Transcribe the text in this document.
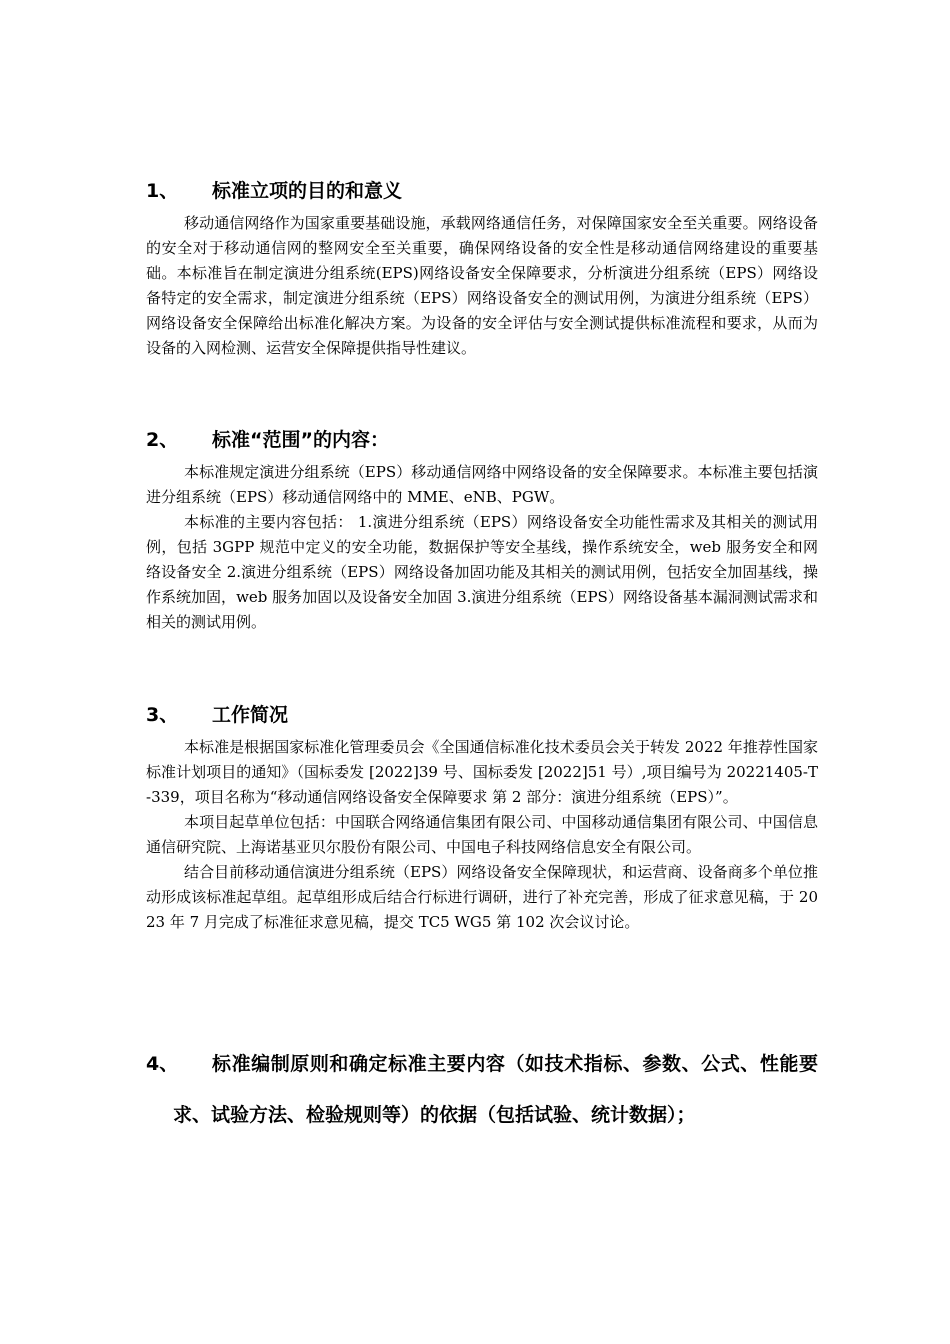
1、 标准立项的目的和意义

移动通信网络作为国家重要基础设施，承载网络通信任务，对保障国家安全至关重要。网络设备的安全对于移动通信网的整网安全至关重要，确保网络设备的安全性是移动通信网络建设的重要基础。本标准旨在制定演进分组系统(EPS)网络设备安全保障要求，分析演进分组系统（EPS）网络设备特定的安全需求，制定演进分组系统（EPS）网络设备安全的测试用例，为演进分组系统（EPS）网络设备安全保障给出标准化解决方案。为设备的安全评估与安全测试提供标准流程和要求，从而为设备的入网检测、运营安全保障提供指导性建议。

2、 标准“范围”的内容：

本标准规定演进分组系统（EPS）移动通信网络中网络设备的安全保障要求。本标准主要包括演进分组系统（EPS）移动通信网络中的 MME、eNB、PGW。

本标准的主要内容包括： 1.演进分组系统（EPS）网络设备安全功能性需求及其相关的测试用例，包括 3GPP 规范中定义的安全功能，数据保护等安全基线，操作系统安全，web 服务安全和网络设备安全 2.演进分组系统（EPS）网络设备加固功能及其相关的测试用例，包括安全加固基线，操作系统加固，web 服务加固以及设备安全加固 3.演进分组系统（EPS）网络设备基本漏洞测试需求和相关的测试用例。

3、 工作简况

本标准是根据国家标准化管理委员会《全国通信标准化技术委员会关于转发 2022 年推荐性国家标准计划项目的通知》（国标委发 [2022]39 号、国标委发 [2022]51 号）,项目编号为 20221405-T-339，项目名称为“移动通信网络设备安全保障要求 第 2 部分：演进分组系统（EPS）”。

本项目起草单位包括：中国联合网络通信集团有限公司、中国移动通信集团有限公司、中国信息通信研究院、上海诺基亚贝尔股份有限公司、中国电子科技网络信息安全有限公司。

结合目前移动通信演进分组系统（EPS）网络设备安全保障现状，和运营商、设备商多个单位推动形成该标准起草组。起草组形成后结合行标进行调研，进行了补充完善，形成了征求意见稿，于 2023 年 7 月完成了标准征求意见稿，提交 TC5 WG5 第 102 次会议讨论。

4、	标准编制原则和确定标准主要内容（如技术指标、参数、公式、性能要求、试验方法、检验规则等）的依据（包括试验、统计数据）；
